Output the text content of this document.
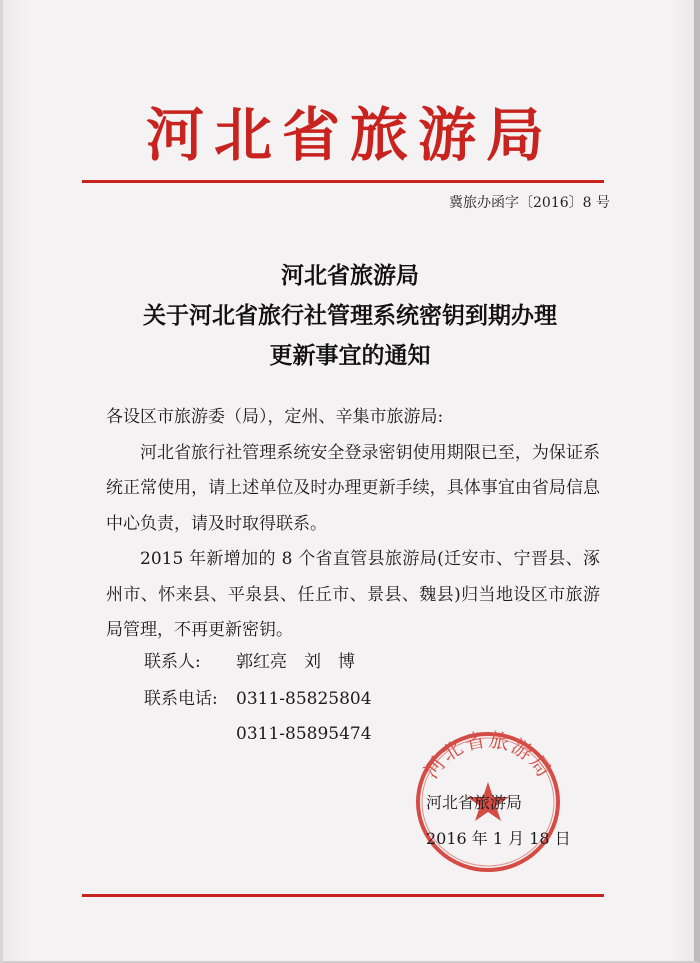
河北省旅游局
冀旅办函字〔2016〕8 号
河北省旅游局
关于河北省旅行社管理系统密钥到期办理
更新事宜的通知

各设区市旅游委（局），定州、辛集市旅游局:

河北省旅行社管理系统安全登录密钥使用期限已至，为保证系统正常使用，请上述单位及时办理更新手续，具体事宜由省局信息中心负责，请及时取得联系。

2015 年新增加的 8 个省直管县旅游局(迁安市、宁晋县、涿州市、怀来县、平泉县、任丘市、景县、魏县)归当地设区市旅游局管理，不再更新密钥。

联系人: 郭红亮　刘　博
联系电话: 0311-85825804
0311-85895474
河北省旅游局
河北省旅游局
2016 年 1 月 18 日
